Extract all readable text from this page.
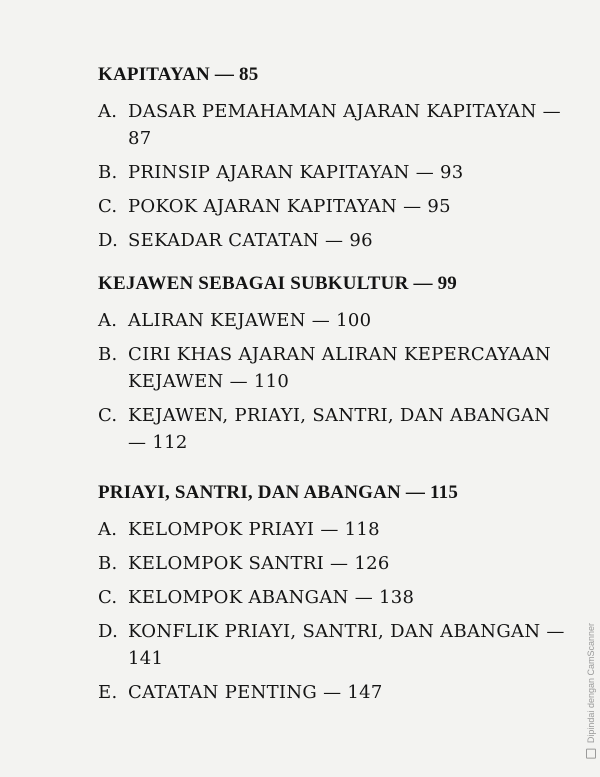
KAPITAYAN — 85
A. DASAR PEMAHAMAN AJARAN KAPITAYAN — 87
B. PRINSIP AJARAN KAPITAYAN — 93
C. POKOK AJARAN KAPITAYAN — 95
D. SEKADAR CATATAN — 96
KEJAWEN SEBAGAI SUBKULTUR — 99
A. ALIRAN KEJAWEN — 100
B. CIRI KHAS AJARAN ALIRAN KEPERCAYAAN KEJAWEN — 110
C. KEJAWEN, PRIAYI, SANTRI, DAN ABANGAN — 112
PRIAYI, SANTRI, DAN ABANGAN — 115
A. KELOMPOK PRIAYI — 118
B. KELOMPOK SANTRI — 126
C. KELOMPOK ABANGAN — 138
D. KONFLIK PRIAYI, SANTRI, DAN ABANGAN — 141
E. CATATAN PENTING — 147	Dipindai dengan CamScanner
